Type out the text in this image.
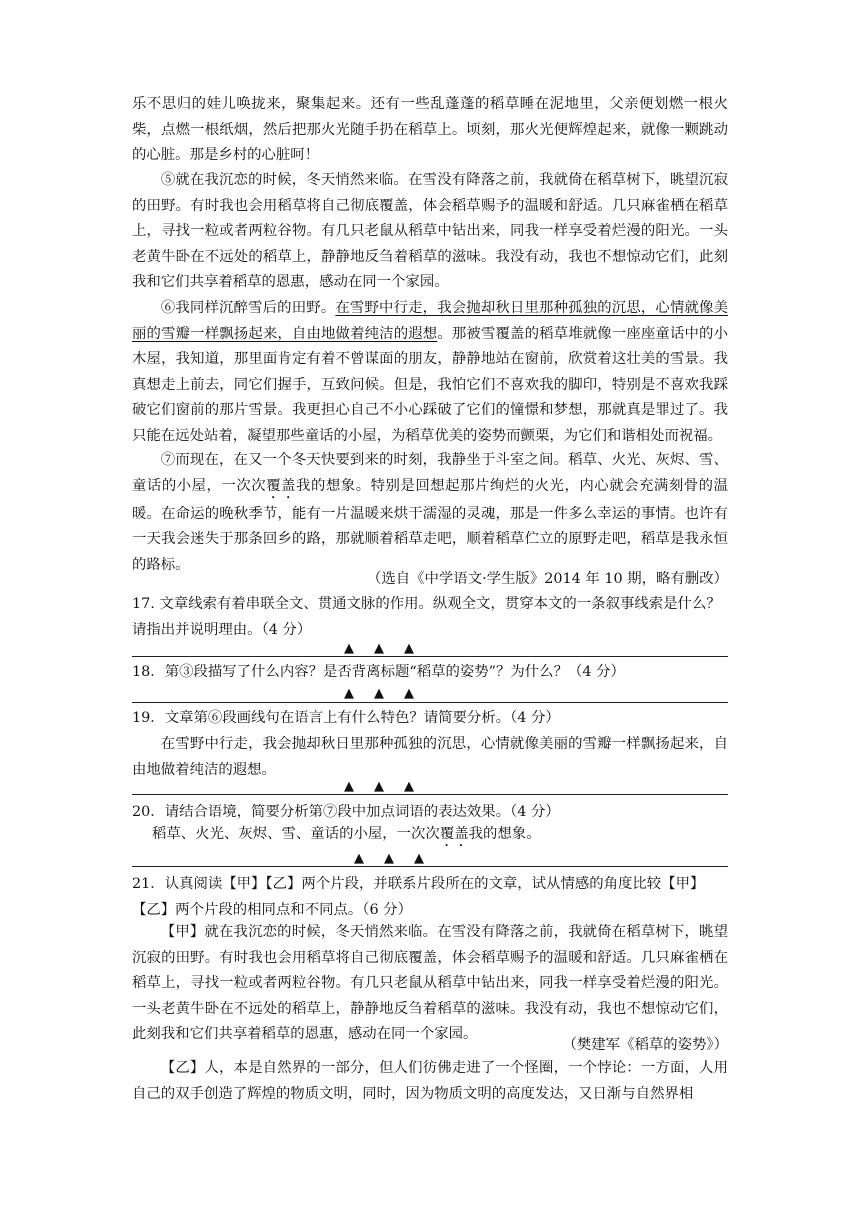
乐不思归的娃儿唤拢来，聚集起来。还有一些乱蓬蓬的稻草睡在泥地里，父亲便划燃一根火柴，点燃一根纸烟，然后把那火光随手扔在稻草上。顷刻，那火光便辉煌起来，就像一颗跳动的心脏。那是乡村的心脏呵！
⑤就在我沉恋的时候，冬天悄然来临。在雪没有降落之前，我就倚在稻草树下，眺望沉寂的田野。有时我也会用稻草将自己彻底覆盖，体会稻草赐予的温暖和舒适。几只麻雀栖在稻草上，寻找一粒或者两粒谷物。有几只老鼠从稻草中钻出来，同我一样享受着烂漫的阳光。一头老黄牛卧在不远处的稻草上，静静地反刍着稻草的滋味。我没有动，我也不想惊动它们，此刻我和它们共享着稻草的恩惠，感动在同一个家园。
⑥我同样沉醉雪后的田野。在雪野中行走，我会抛却秋日里那种孤独的沉思，心情就像美丽的雪瓣一样飘扬起来，自由地做着纯洁的遐想。那被雪覆盖的稻草堆就像一座座童话中的小木屋，我知道，那里面肯定有着不曾谋面的朋友，静静地站在窗前，欣赏着这壮美的雪景。我真想走上前去，同它们握手，互致问候。但是，我怕它们不喜欢我的脚印，特别是不喜欢我踩破它们窗前的那片雪景。我更担心自己不小心踩破了它们的憧憬和梦想，那就真是罪过了。我只能在远处站着，凝望那些童话的小屋，为稻草优美的姿势而颤栗，为它们和谐相处而祝福。
⑦而现在，在又一个冬天快要到来的时刻，我静坐于斗室之间。稻草、火光、灰烬、雪、童话的小屋，一次次覆盖我的想象。特别是回想起那片绚烂的火光，内心就会充满刻骨的温暖。在命运的晚秋季节，能有一片温暖来烘干濡湿的灵魂，那是一件多么幸运的事情。也许有一天我会迷失于那条回乡的路，那就顺着稻草走吧，顺着稻草伫立的原野走吧，稻草是我永恒的路标。
（选自《中学语文·学生版》2014 年 10 期，略有删改）
17. 文章线索有着串联全文、贯通文脉的作用。纵观全文，贯穿本文的一条叙事线索是什么？
请指出并说明理由。（4 分）
▲▲▲
18．第③段描写了什么内容？是否背离标题“稻草的姿势”？为什么？（4 分）
▲▲▲
19．文章第⑥段画线句在语言上有什么特色？请简要分析。（4 分）
在雪野中行走，我会抛却秋日里那种孤独的沉思，心情就像美丽的雪瓣一样飘扬起来，自由地做着纯洁的遐想。
▲▲▲
20．请结合语境，简要分析第⑦段中加点词语的表达效果。（4 分）
稻草、火光、灰烬、雪、童话的小屋，一次次覆盖我的想象。
▲▲▲
21．认真阅读【甲】【乙】两个片段，并联系片段所在的文章，试从情感的角度比较【甲】
【乙】两个片段的相同点和不同点。（6 分）
【甲】就在我沉恋的时候，冬天悄然来临。在雪没有降落之前，我就倚在稻草树下，眺望沉寂的田野。有时我也会用稻草将自己彻底覆盖，体会稻草赐予的温暖和舒适。几只麻雀栖在稻草上，寻找一粒或者两粒谷物。有几只老鼠从稻草中钻出来，同我一样享受着烂漫的阳光。一头老黄牛卧在不远处的稻草上，静静地反刍着稻草的滋味。我没有动，我也不想惊动它们，此刻我和它们共享着稻草的恩惠，感动在同一个家园。
（樊建军《稻草的姿势》）
【乙】人，本是自然界的一部分，但人们彷佛走进了一个怪圈，一个悖论：一方面，人用自己的双手创造了辉煌的物质文明，同时，因为物质文明的高度发达，又日渐与自然界相
